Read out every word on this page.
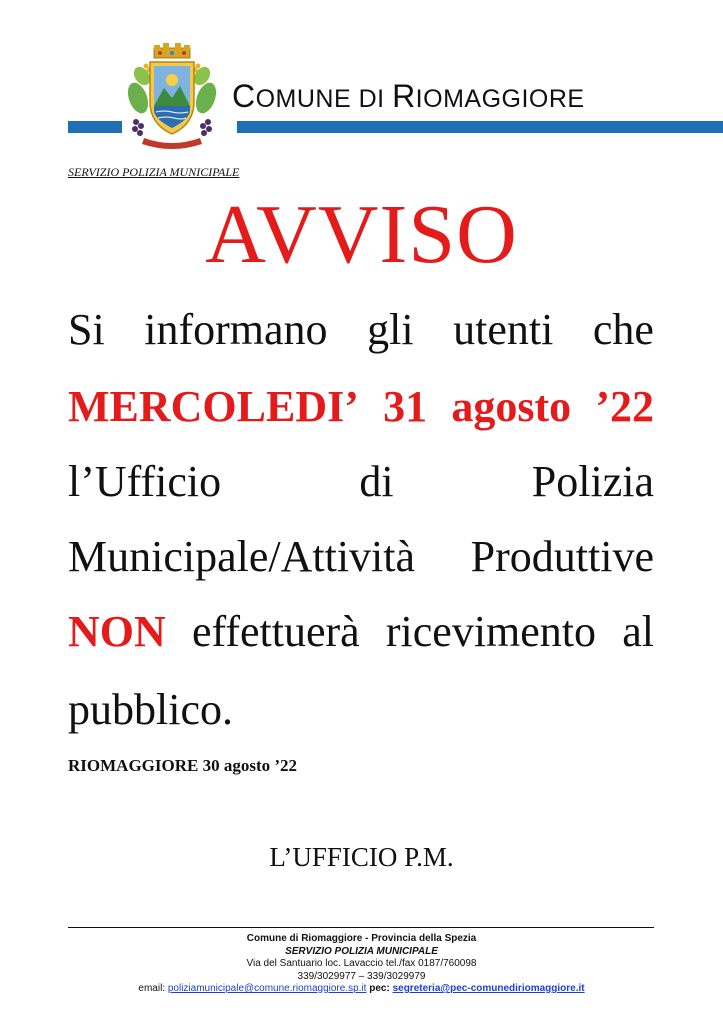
COMUNE DI RIOMAGGIORE
SERVIZIO POLIZIA MUNICIPALE
AVVISO
Si informano gli utenti che
MERCOLEDI’ 31 agosto ’22
l’Ufficio	di	Polizia
Municipale/Attività Produttive
NON effettuerà ricevimento al
pubblico.
RIOMAGGIORE 30 agosto ’22
L’UFFICIO P.M.
Comune di Riomaggiore - Provincia della Spezia
SERVIZIO POLIZIA MUNICIPALE
Via del Santuario loc. Lavaccio tel./fax 0187/760098
339/3029977 – 339/3029979
email: poliziamunicipale@comune.riomaggiore.sp.it pec: segreteria@pec-comunediriomaggiore.it
